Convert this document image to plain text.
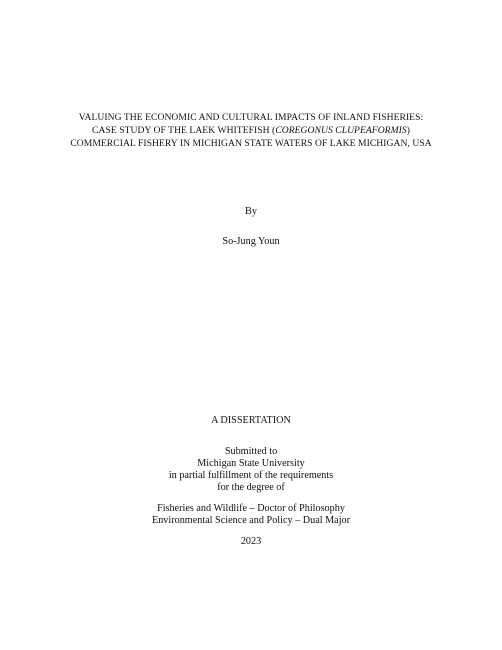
VALUING THE ECONOMIC AND CULTURAL IMPACTS OF INLAND FISHERIES:
CASE STUDY OF THE LAEK WHITEFISH (COREGONUS CLUPEAFORMIS)
COMMERCIAL FISHERY IN MICHIGAN STATE WATERS OF LAKE MICHIGAN, USA
By
So-Jung Youn
A DISSERTATION
Submitted to
Michigan State University
in partial fulfillment of the requirements
for the degree of
Fisheries and Wildlife – Doctor of Philosophy
Environmental Science and Policy – Dual Major
2023
